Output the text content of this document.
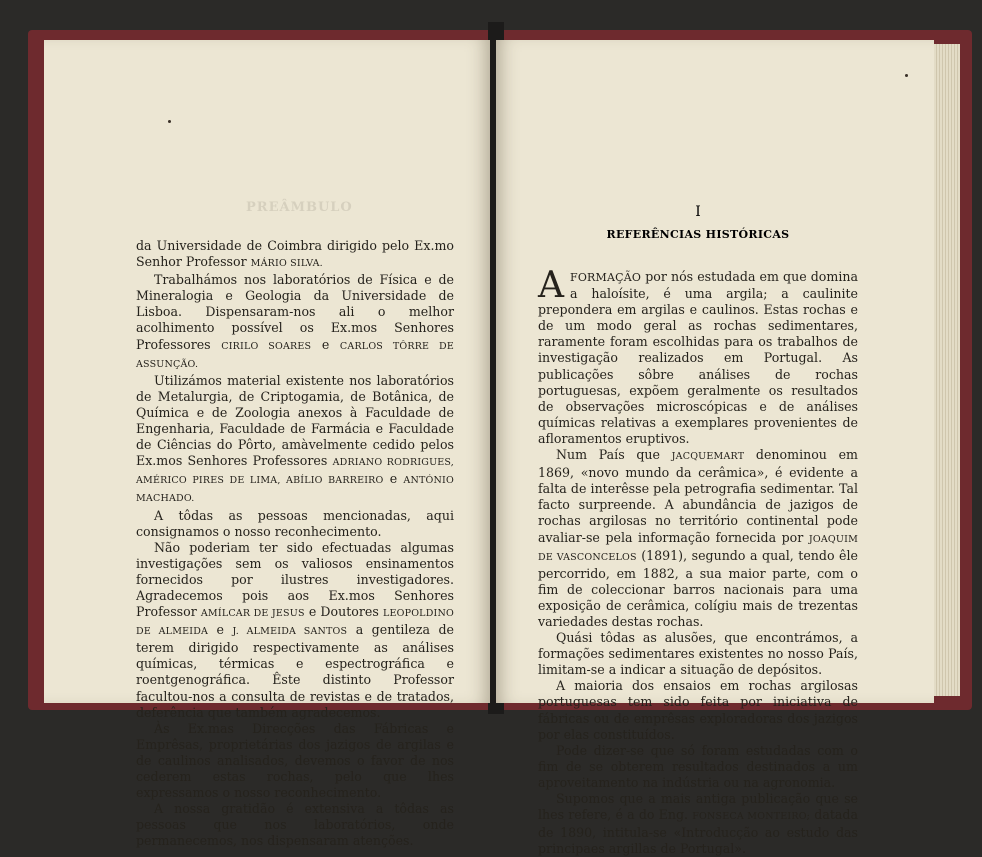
PREÂMBULO

da Universidade de Coimbra dirigido pelo Ex.mo Senhor Professor MÁRIO SILVA.

Trabalhámos nos laboratórios de Física e de Mineralogia e Geologia da Universidade de Lisboa. Dispensaram-nos ali o melhor acolhimento possível os Ex.mos Senhores Professores CIRILO SOARES e CARLOS TÔRRE DE ASSUNÇÃO.

Utilizámos material existente nos laboratórios de Metalurgia, de Criptogamia, de Botânica, de Química e de Zoologia anexos à Faculdade de Engenharia, Faculdade de Farmácia e Faculdade de Ciências do Pôrto, amàvelmente cedido pelos Ex.mos Senhores Professores ADRIANO RODRIGUES, AMÉRICO PIRES DE LIMA, ABÍLIO BARREIRO e ANTÓNIO MACHADO.

A tôdas as pessoas mencionadas, aqui consignamos o nosso reconhecimento.

Não poderiam ter sido efectuadas algumas investigações sem os valiosos ensinamentos fornecidos por ilustres investigadores. Agradecemos pois aos Ex.mos Senhores Professor AMÍLCAR DE JESUS e Doutores LEOPOLDINO DE ALMEIDA e J. ALMEIDA SANTOS a gentileza de terem dirigido respectivamente as análises químicas, térmicas e espectrográfica e roentgenográfica. Êste distinto Professor facultou-nos a consulta de revistas e de tratados, deferência que também agradecemos.

Às Ex.mas Direcções das Fábricas e Emprêsas, proprietárias dos jazigos de argilas e de caulinos analisados, devemos o favor de nos cederem estas rochas, pelo que lhes expressamos o nosso reconhecimento.

A nossa gratidão é extensiva a tôdas as pessoas que nos laboratórios, onde permanecemos, nos dispensaram atenções.

I
REFERÊNCIAS HISTÓRICAS

A FORMAÇÃO por nós estudada em que domina a haloísite, é uma argila; a caulinite prepondera em argilas e caulinos. Estas rochas e de um modo geral as rochas sedimentares, raramente foram escolhidas para os trabalhos de investigação realizados em Portugal. As publicações sôbre análises de rochas portuguesas, expõem geralmente os resultados de observações microscópicas e de análises químicas relativas a exemplares provenientes de afloramentos eruptivos.

Num País que JACQUEMART denominou em 1869, «novo mundo da cerâmica», é evidente a falta de interêsse pela petrografia sedimentar. Tal facto surpreende. A abundância de jazigos de rochas argilosas no território continental pode avaliar-se pela informação fornecida por JOAQUIM DE VASCONCELOS (1891), segundo a qual, tendo êle percorrido, em 1882, a sua maior parte, com o fim de coleccionar barros nacionais para uma exposição de cerâmica, colígiu mais de trezentas variedades destas rochas.

Quási tôdas as alusões, que encontrámos, a formações sedimentares existentes no nosso País, limitam-se a indicar a situação de depósitos.

A maioria dos ensaios em rochas argilosas portuguesas tem sido feita por iniciativa de fábricas ou de emprêsas exploradoras dos jazigos por elas constituídos.

Pode dizer-se que só foram estudadas com o fim de se obterem resultados destinados a um aproveitamento na indústria ou na agronomia.

Supomos que a mais antiga publicação que se lhes refere, é a do Eng. FONSECA MONTEIRO; datada de 1890, intitula-se «Introducção ao estudo das principaes argillas de Portugal».
